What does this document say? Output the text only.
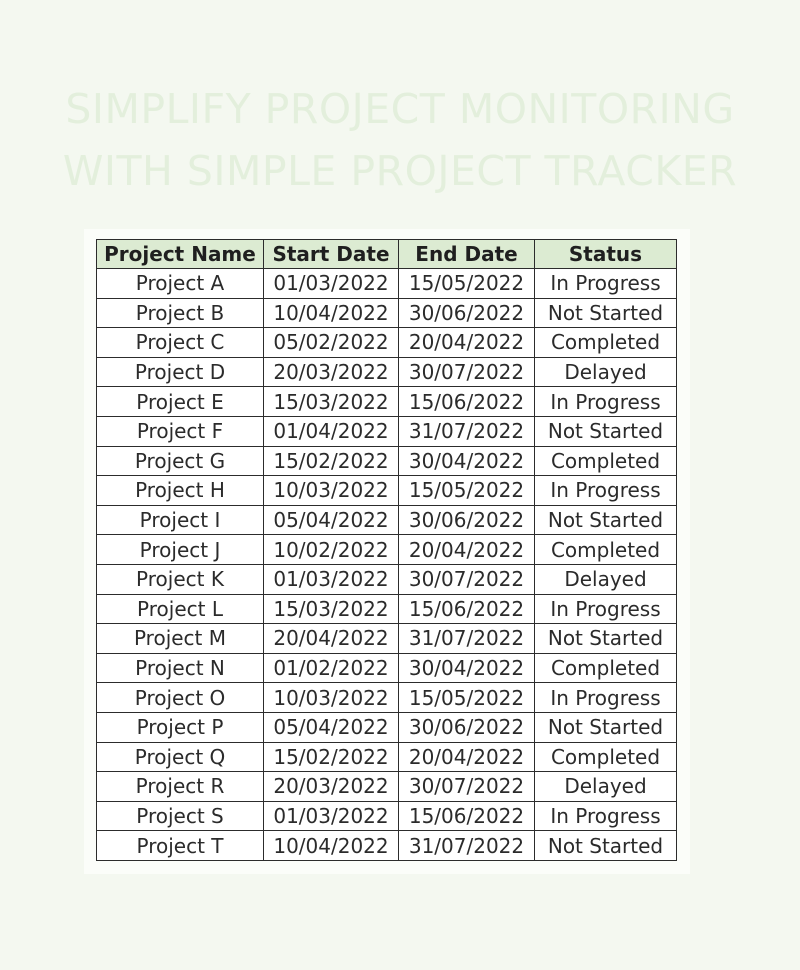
SIMPLIFY PROJECT MONITORING
WITH SIMPLE PROJECT TRACKER
Project Name	Start Date	End Date	Status
Project A	01/03/2022	15/05/2022	In Progress
Project B	10/04/2022	30/06/2022	Not Started
Project C	05/02/2022	20/04/2022	Completed
Project D	20/03/2022	30/07/2022	Delayed
Project E	15/03/2022	15/06/2022	In Progress
Project F	01/04/2022	31/07/2022	Not Started
Project G	15/02/2022	30/04/2022	Completed
Project H	10/03/2022	15/05/2022	In Progress
Project I	05/04/2022	30/06/2022	Not Started
Project J	10/02/2022	20/04/2022	Completed
Project K	01/03/2022	30/07/2022	Delayed
Project L	15/03/2022	15/06/2022	In Progress
Project M	20/04/2022	31/07/2022	Not Started
Project N	01/02/2022	30/04/2022	Completed
Project O	10/03/2022	15/05/2022	In Progress
Project P	05/04/2022	30/06/2022	Not Started
Project Q	15/02/2022	20/04/2022	Completed
Project R	20/03/2022	30/07/2022	Delayed
Project S	01/03/2022	15/06/2022	In Progress
Project T	10/04/2022	31/07/2022	Not Started
